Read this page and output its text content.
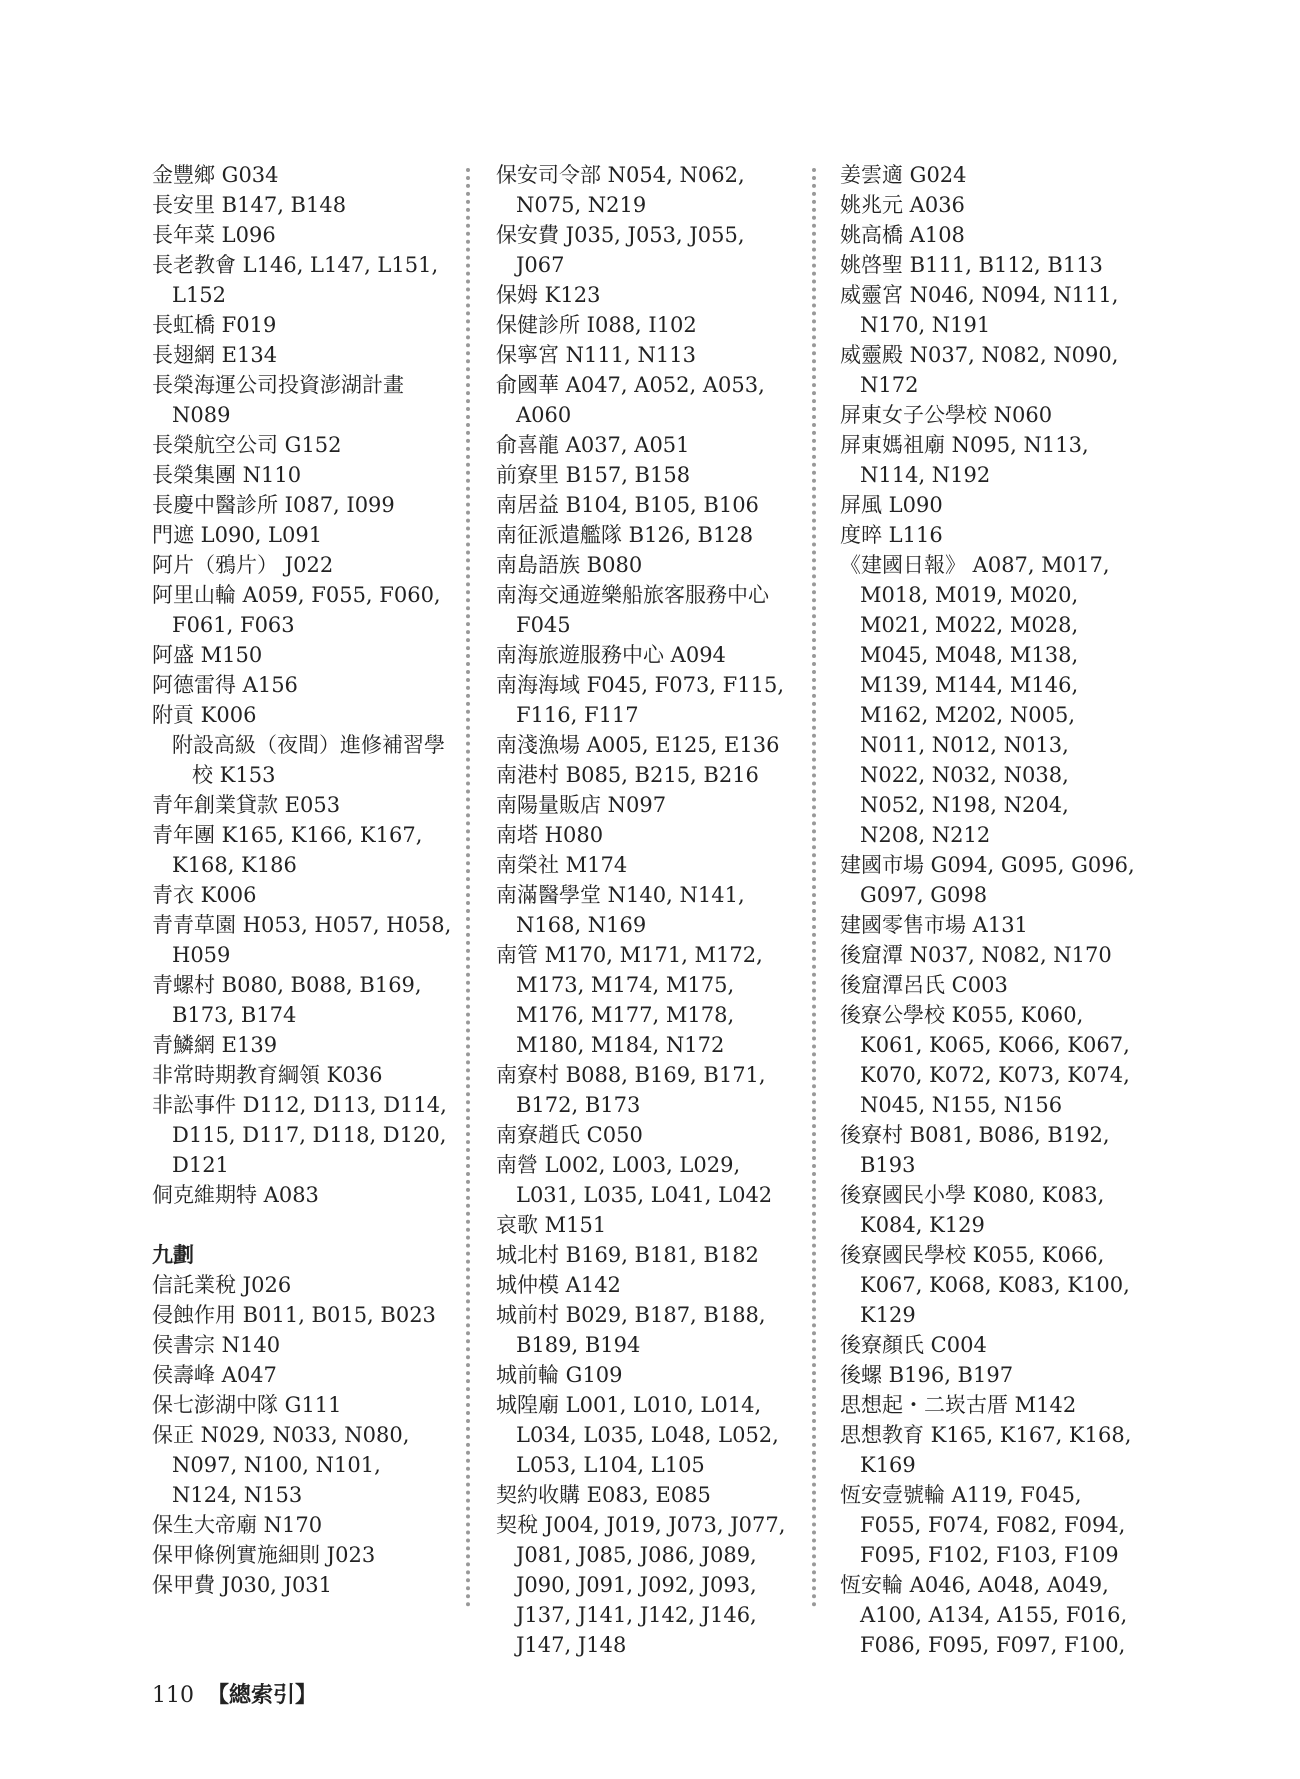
金豐鄉 G034
長安里 B147, B148
長年菜 L096
長老教會 L146, L147, L151, L152
長虹橋 F019
長翅網 E134
長榮海運公司投資澎湖計畫 N089
長榮航空公司 G152
長榮集團 N110
長慶中醫診所 I087, I099
門遮 L090, L091
阿片（鴉片） J022
阿里山輪 A059, F055, F060, F061, F063
阿盛 M150
阿德雷得 A156
附貢 K006
附設高級（夜間）進修補習學校 K153
青年創業貸款 E053
青年團 K165, K166, K167, K168, K186
青衣 K006
青青草園 H053, H057, H058, H059
青螺村 B080, B088, B169, B173, B174
青鱗網 E139
非常時期教育綱領 K036
非訟事件 D112, D113, D114, D115, D117, D118, D120, D121
侗克維期特 A083
九劃
信託業稅 J026
侵蝕作用 B011, B015, B023
侯書宗 N140
侯壽峰 A047
保七澎湖中隊 G111
保正 N029, N033, N080, N097, N100, N101, N124, N153
保生大帝廟 N170
保甲條例實施細則 J023
保甲費 J030, J031
保安司令部 N054, N062, N075, N219
保安費 J035, J053, J055, J067
保姆 K123
保健診所 I088, I102
保寧宮 N111, N113
俞國華 A047, A052, A053, A060
俞喜龍 A037, A051
前寮里 B157, B158
南居益 B104, B105, B106
南征派遣艦隊 B126, B128
南島語族 B080
南海交通遊樂船旅客服務中心 F045
南海旅遊服務中心 A094
南海海域 F045, F073, F115, F116, F117
南淺漁場 A005, E125, E136
南港村 B085, B215, B216
南陽量販店 N097
南塔 H080
南榮社 M174
南滿醫學堂 N140, N141, N168, N169
南管 M170, M171, M172, M173, M174, M175, M176, M177, M178, M180, M184, N172
南寮村 B088, B169, B171, B172, B173
南寮趙氏 C050
南營 L002, L003, L029, L031, L035, L041, L042
哀歌 M151
城北村 B169, B181, B182
城仲模 A142
城前村 B029, B187, B188, B189, B194
城前輪 G109
城隍廟 L001, L010, L014, L034, L035, L048, L052, L053, L104, L105
契約收購 E083, E085
契稅 J004, J019, J073, J077, J081, J085, J086, J089, J090, J091, J092, J093, J137, J141, J142, J146, J147, J148
姜雲適 G024
姚兆元 A036
姚高橋 A108
姚啓聖 B111, B112, B113
威靈宮 N046, N094, N111, N170, N191
威靈殿 N037, N082, N090, N172
屏東女子公學校 N060
屏東媽祖廟 N095, N113, N114, N192
屏風 L090
度晬 L116
《建國日報》 A087, M017, M018, M019, M020, M021, M022, M028, M045, M048, M138, M139, M144, M146, M162, M202, N005, N011, N012, N013, N022, N032, N038, N052, N198, N204, N208, N212
建國市場 G094, G095, G096, G097, G098
建國零售市場 A131
後窟潭 N037, N082, N170
後窟潭呂氏 C003
後寮公學校 K055, K060, K061, K065, K066, K067, K070, K072, K073, K074, N045, N155, N156
後寮村 B081, B086, B192, B193
後寮國民小學 K080, K083, K084, K129
後寮國民學校 K055, K066, K067, K068, K083, K100, K129
後寮顏氏 C004
後螺 B196, B197
思想起・二崁古厝 M142
思想教育 K165, K167, K168, K169
恆安壹號輪 A119, F045, F055, F074, F082, F094, F095, F102, F103, F109
恆安輪 A046, A048, A049, A100, A134, A155, F016, F086, F095, F097, F100,
110 【總索引】
